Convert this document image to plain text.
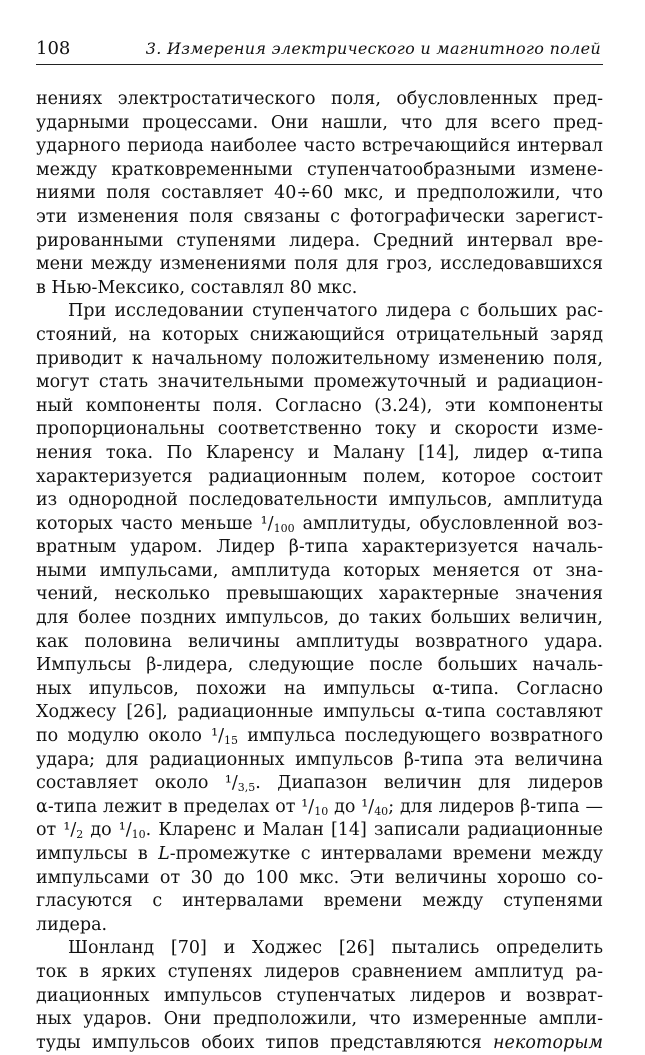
108	3. Измерения электрического и магнитного полей
нениях электростатического поля, обусловленных пред-
ударными процессами. Они нашли, что для всего пред-
ударного периода наиболее часто встречающийся интервал
между кратковременными ступенчатообразными измене-
ниями поля составляет 40÷60 мкс, и предположили, что
эти изменения поля связаны с фотографически зарегист-
рированными ступенями лидера. Средний интервал вре-
мени между изменениями поля для гроз, исследовавшихся
в Нью-Мексико, составлял 80 мкс.
При исследовании ступенчатого лидера с больших рас-
стояний, на которых снижающийся отрицательный заряд
приводит к начальному положительному изменению поля,
могут стать значительными промежуточный и радиацион-
ный компоненты поля. Согласно (3.24), эти компоненты
пропорциональны соответственно току и скорости изме-
нения тока. По Кларенсу и Малану [14], лидер α-типа
характеризуется радиационным полем, которое состоит
из однородной последовательности импульсов, амплитуда
которых часто меньше $^1/_{100}$ амплитуды, обусловленной воз-
вратным ударом. Лидер β-типа характеризуется началь-
ными импульсами, амплитуда которых меняется от зна-
чений, несколько превышающих характерные значения
для более поздних импульсов, до таких больших величин,
как половина величины амплитуды возвратного удара.
Импульсы β-лидера, следующие после больших началь-
ных ипульсов, похожи на импульсы α-типа. Согласно
Ходжесу [26], радиационные импульсы α-типа составляют
по модулю около $^1/_{15}$ импульса последующего возвратного
удара; для радиационных импульсов β-типа эта величина
составляет около $^1/_{3,5}$. Диапазон величин для лидеров
α-типа лежит в пределах от $^1/_{10}$ до $^1/_{40}$; для лидеров β-типа —
от $^1/_2$ до $^1/_{10}$. Кларенс и Малан [14] записали радиационные
импульсы в L-промежутке с интервалами времени между
импульсами от 30 до 100 мкс. Эти величины хорошо со-
гласуются с интервалами времени между ступенями
лидера.
Шонланд [70] и Ходжес [26] пытались определить
ток в ярких ступенях лидеров сравнением амплитуд ра-
диационных импульсов ступенчатых лидеров и возврат-
ных ударов. Они предположили, что измеренные ампли-
туды импульсов обоих типов представляются некоторым
